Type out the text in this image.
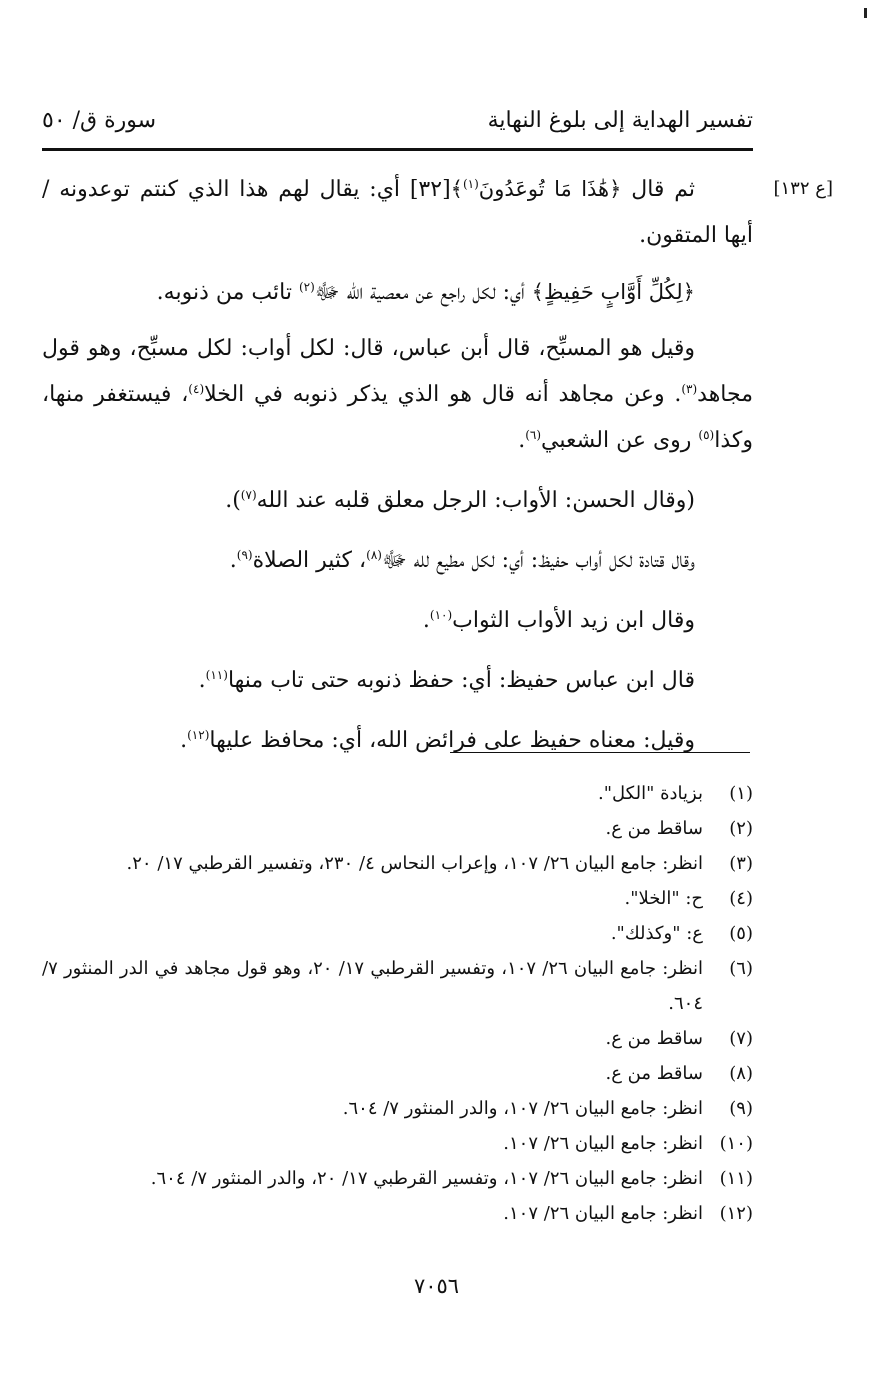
تفسير الهداية إلى بلوغ النهاية
سورة ق/ ٥٠
[ع ١٣٢]

ثم قال ﴿هَٰذَا مَا تُوعَدُونَ$^{(١)}$﴾[٣٢] أي: يقال لهم هذا الذي كنتم توعدونه / أيها المتقون.

﴿لِكُلِّ أَوَّابٍ حَفِيظٍ﴾ أي: لكل راجع عن معصية الله ﷻ$^{(٢)}$ تائب من ذنوبه.

وقيل هو المسبِّح، قال أبن عباس، قال: لكل أواب: لكل مسبِّح، وهو قول مجاهد$^{(٣)}$. وعن مجاهد أنه قال هو الذي يذكر ذنوبه في الخلا$^{(٤)}$، فيستغفر منها، وكذا$^{(٥)}$ روى عن الشعبي$^{(٦)}$.

(وقال الحسن: الأواب: الرجل معلق قلبه عند الله$^{(٧)}$).

وقال قتادة لكل أواب حفيظ: أي: لكل مطيع لله ﷻ$^{(٨)}$، كثير الصلاة$^{(٩)}$.

وقال ابن زيد الأواب الثواب$^{(١٠)}$.

قال ابن عباس حفيظ: أي: حفظ ذنوبه حتى تاب منها$^{(١١)}$.

وقيل: معناه حفيظ على فرائض الله، أي: محافظ عليها$^{(١٢)}$.

(١)
بزيادة "الكل".
(٢)
ساقط من ع.
(٣)
انظر: جامع البيان ٢٦/ ١٠٧، وإعراب النحاس ٤/ ٢٣٠، وتفسير القرطبي ١٧/ ٢٠.
(٤)
ح: "الخلا".
(٥)
ع: "وكذلك".
(٦)
انظر: جامع البيان ٢٦/ ١٠٧، وتفسير القرطبي ١٧/ ٢٠، وهو قول مجاهد في الدر المنثور ٧/ ٦٠٤.
(٧)
ساقط من ع.
(٨)
ساقط من ع.
(٩)
انظر: جامع البيان ٢٦/ ١٠٧، والدر المنثور ٧/ ٦٠٤.
(١٠)
انظر: جامع البيان ٢٦/ ١٠٧.
(١١)
انظر: جامع البيان ٢٦/ ١٠٧، وتفسير القرطبي ١٧/ ٢٠، والدر المنثور ٧/ ٦٠٤.
(١٢)
انظر: جامع البيان ٢٦/ ١٠٧.
٧٠٥٦
